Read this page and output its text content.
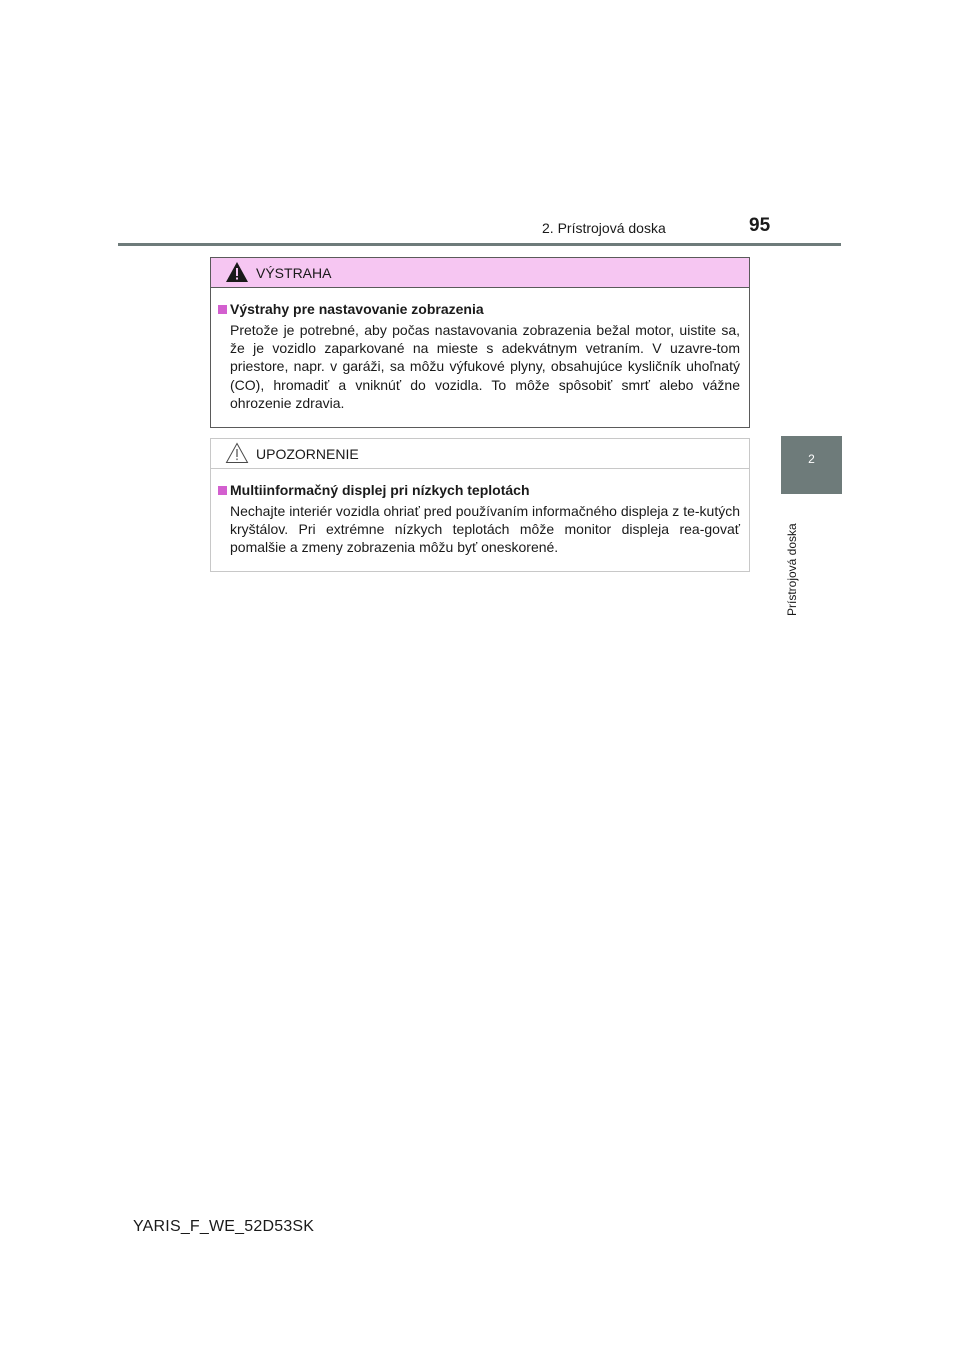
2. Prístrojová doska	95
2
Prístrojová doska
VÝSTRAHA
Výstrahy pre nastavovanie zobrazenia

Pretože je potrebné, aby počas nastavovania zobrazenia bežal motor, uistite sa, že je vozidlo zaparkované na mieste s adekvátnym vetraním. V uzavre-tom priestore, napr. v garáži, sa môžu výfukové plyny, obsahujúce kysličník uhoľnatý (CO), hromadiť a vniknúť do vozidla. To môže spôsobiť smrť alebo vážne ohrozenie zdravia.

UPOZORNENIE
Multiinformačný displej pri nízkych teplotách

Nechajte interiér vozidla ohriať pred používaním informačného displeja z te-kutých kryštálov. Pri extrémne nízkych teplotách môže monitor displeja rea-govať pomalšie a zmeny zobrazenia môžu byť oneskorené.

YARIS_F_WE_52D53SK
